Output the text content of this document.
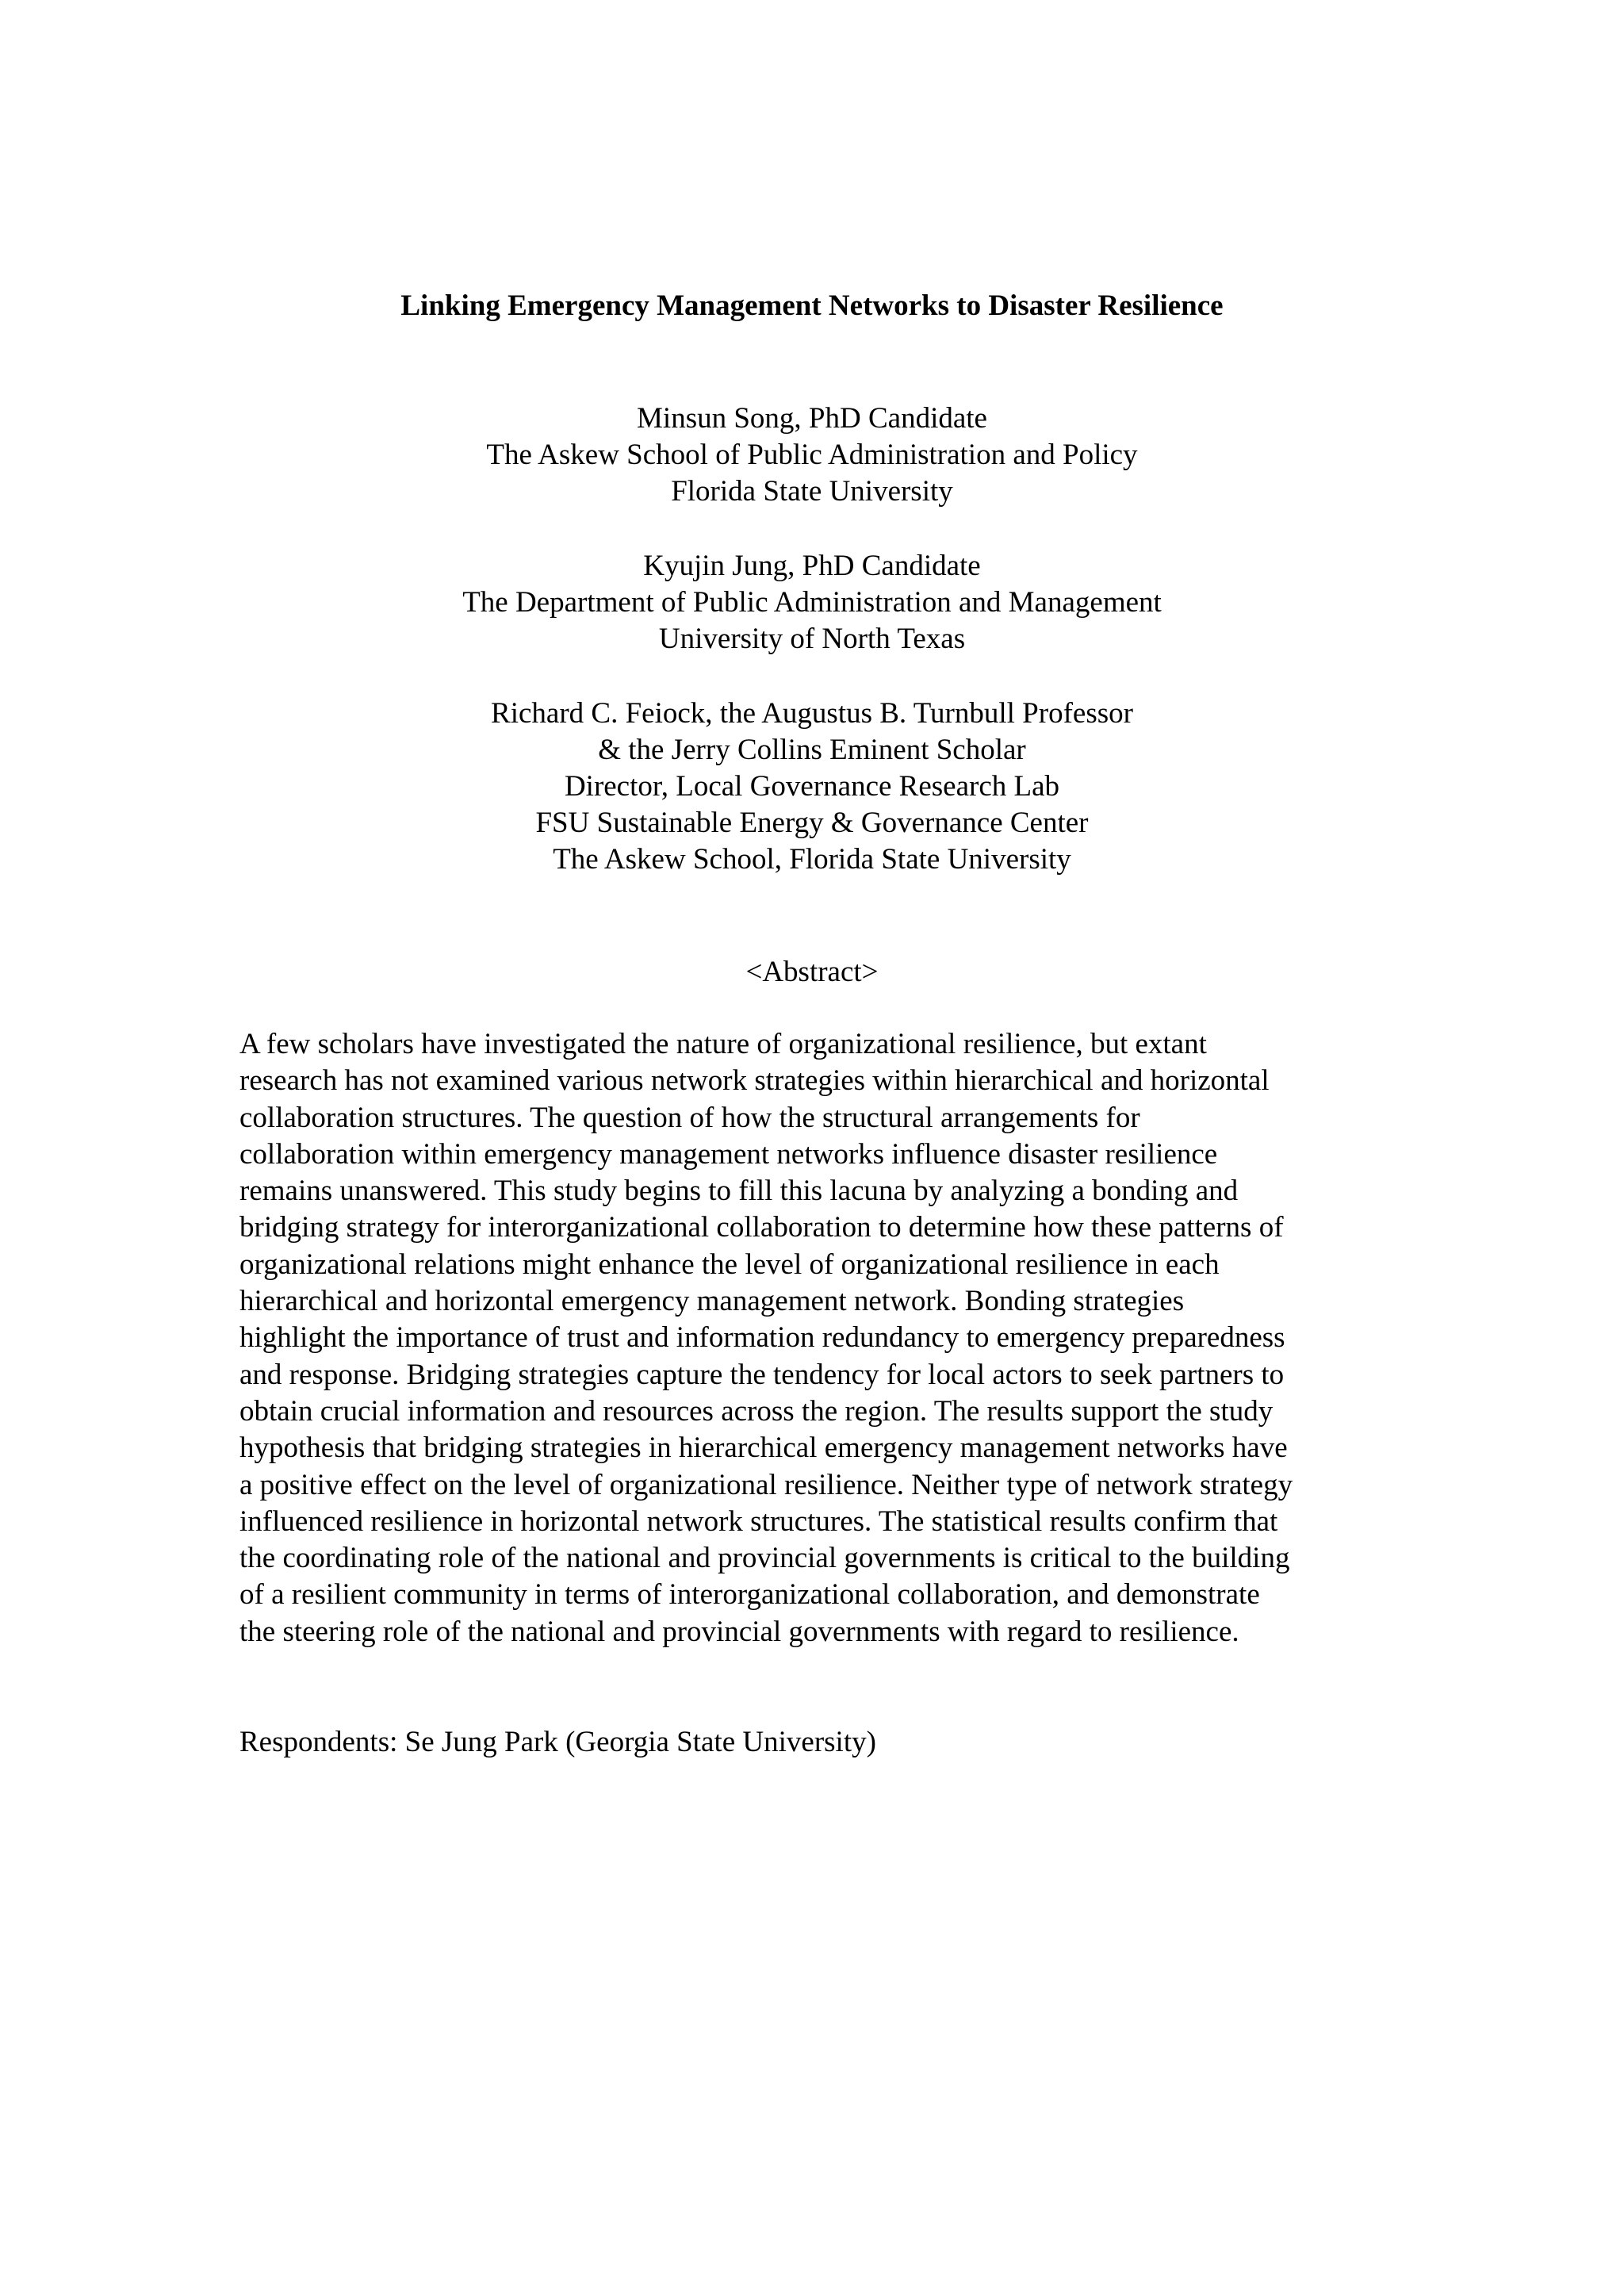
Linking Emergency Management Networks to Disaster Resilience
Minsun Song, PhD Candidate
The Askew School of Public Administration and Policy
Florida State University
Kyujin Jung, PhD Candidate
The Department of Public Administration and Management
University of North Texas
Richard C. Feiock, the Augustus B. Turnbull Professor
& the Jerry Collins Eminent Scholar
Director, Local Governance Research Lab
FSU Sustainable Energy & Governance Center
The Askew School, Florida State University
<Abstract>
A few scholars have investigated the nature of organizational resilience, but extant
research has not examined various network strategies within hierarchical and horizontal
collaboration structures. The question of how the structural arrangements for
collaboration within emergency management networks influence disaster resilience
remains unanswered. This study begins to fill this lacuna by analyzing a bonding and
bridging strategy for interorganizational collaboration to determine how these patterns of
organizational relations might enhance the level of organizational resilience in each
hierarchical and horizontal emergency management network. Bonding strategies
highlight the importance of trust and information redundancy to emergency preparedness
and response. Bridging strategies capture the tendency for local actors to seek partners to
obtain crucial information and resources across the region. The results support the study
hypothesis that bridging strategies in hierarchical emergency management networks have
a positive effect on the level of organizational resilience. Neither type of network strategy
influenced resilience in horizontal network structures. The statistical results confirm that
the coordinating role of the national and provincial governments is critical to the building
of a resilient community in terms of interorganizational collaboration, and demonstrate
the steering role of the national and provincial governments with regard to resilience.
Respondents: Se Jung Park (Georgia State University)
